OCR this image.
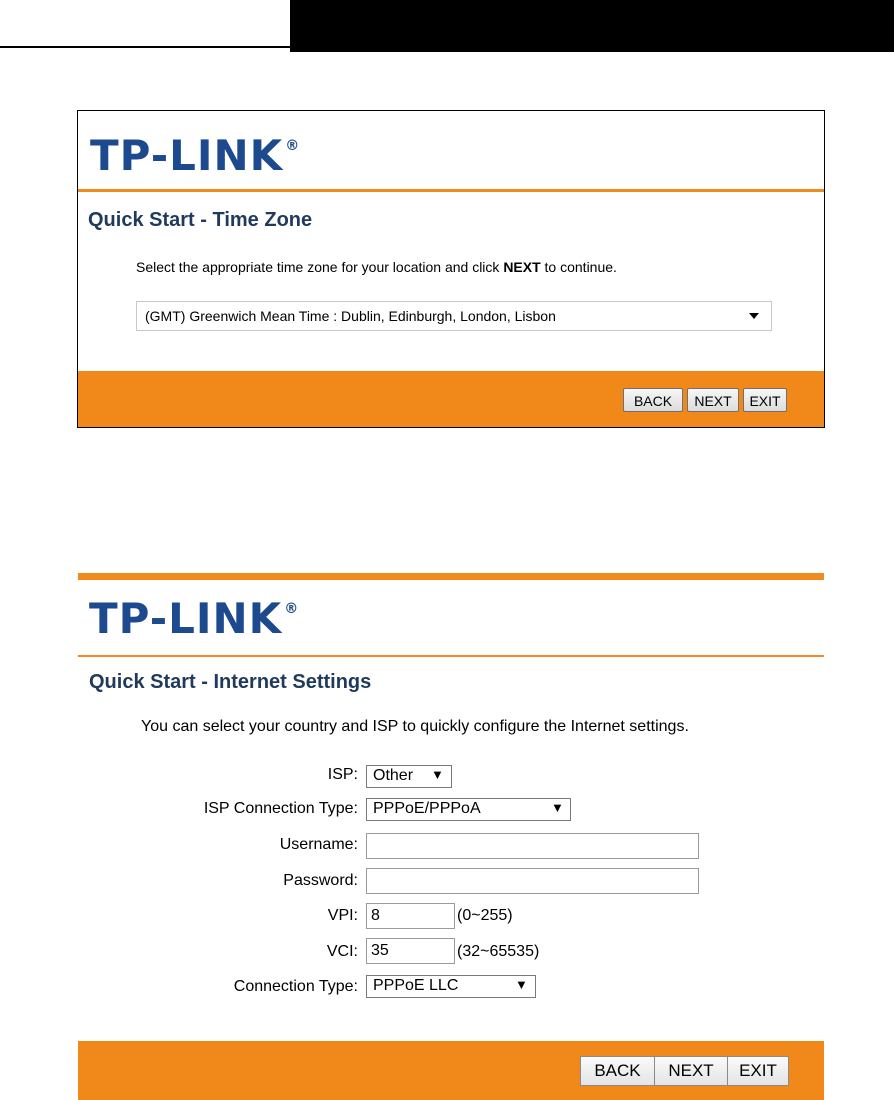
TP-LINK ®
Quick Start - Time Zone
Select the appropriate time zone for your location and click NEXT to continue.
(GMT) Greenwich Mean Time : Dublin, Edinburgh, London, Lisbon
BACK	NEXT	EXIT
TP-LINK ®
Quick Start - Internet Settings
You can select your country and ISP to quickly configure the Internet settings.
ISP: Other ▼
ISP Connection Type: PPPoE/PPPoA	▼
Username:
Password:
VPI: 8	(0~255)
VCI: 35	(32~65535)
Connection Type: PPPoE LLC	▼
BACK	NEXT	EXIT
